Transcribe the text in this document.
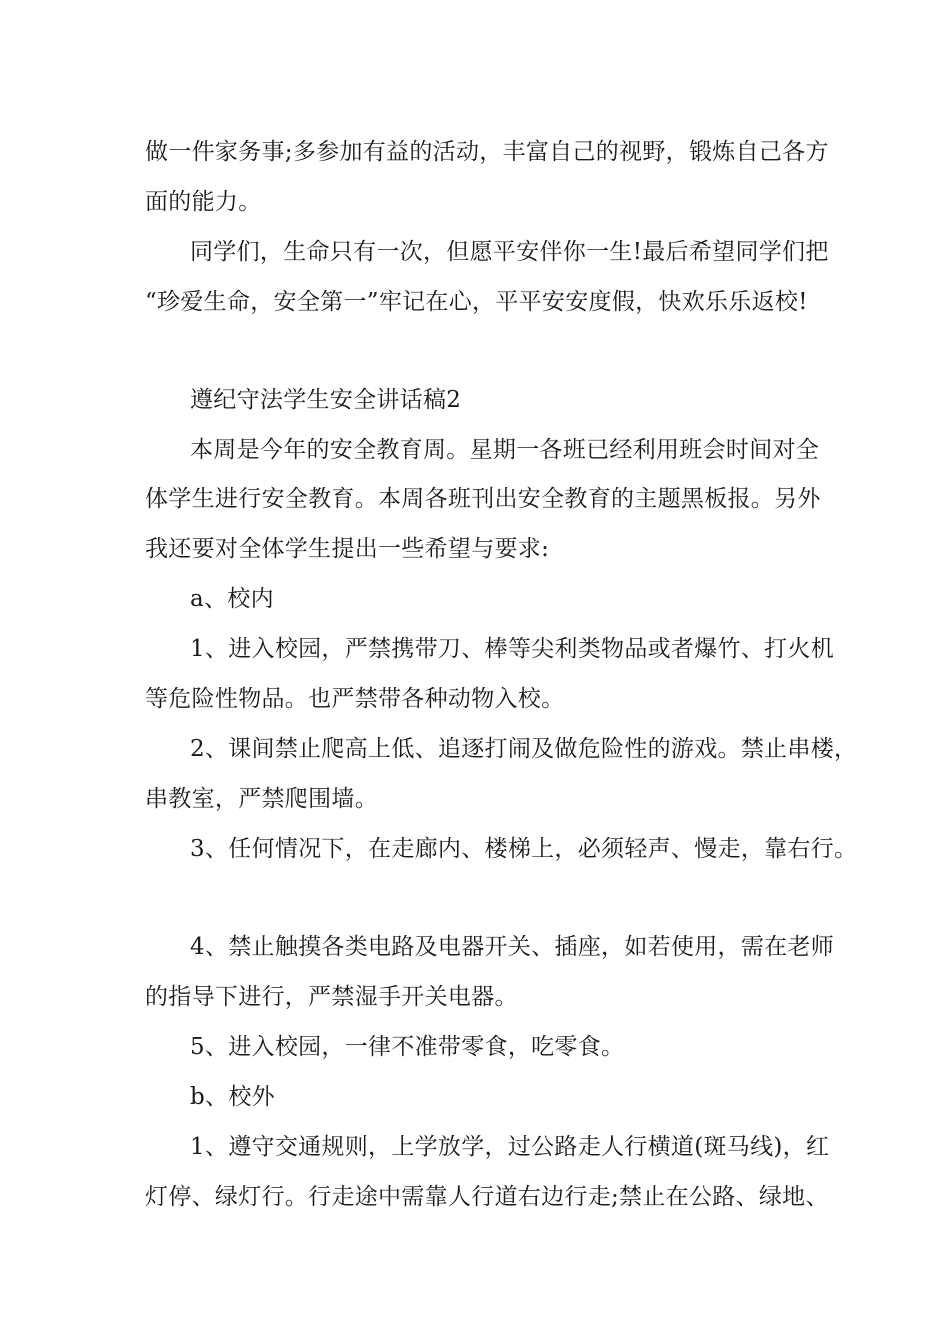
做一件家务事;多参加有益的活动，丰富自己的视野，锻炼自己各方
面的能力。
同学们，生命只有一次，但愿平安伴你一生!最后希望同学们把
“珍爱生命，安全第一”牢记在心，平平安安度假，快欢乐乐返校!
遵纪守法学生安全讲话稿2
本周是今年的安全教育周。星期一各班已经利用班会时间对全
体学生进行安全教育。本周各班刊出安全教育的主题黑板报。另外
我还要对全体学生提出一些希望与要求:
a、校内
1、进入校园，严禁携带刀、棒等尖利类物品或者爆竹、打火机
等危险性物品。也严禁带各种动物入校。
2、课间禁止爬高上低、追逐打闹及做危险性的游戏。禁止串楼，
串教室，严禁爬围墙。
3、任何情况下，在走廊内、楼梯上，必须轻声、慢走，靠右行。
4、禁止触摸各类电路及电器开关、插座，如若使用，需在老师
的指导下进行，严禁湿手开关电器。
5、进入校园，一律不准带零食，吃零食。
b、校外
1、遵守交通规则，上学放学，过公路走人行横道(斑马线)，红
灯停、绿灯行。行走途中需靠人行道右边行走;禁止在公路、绿地、
